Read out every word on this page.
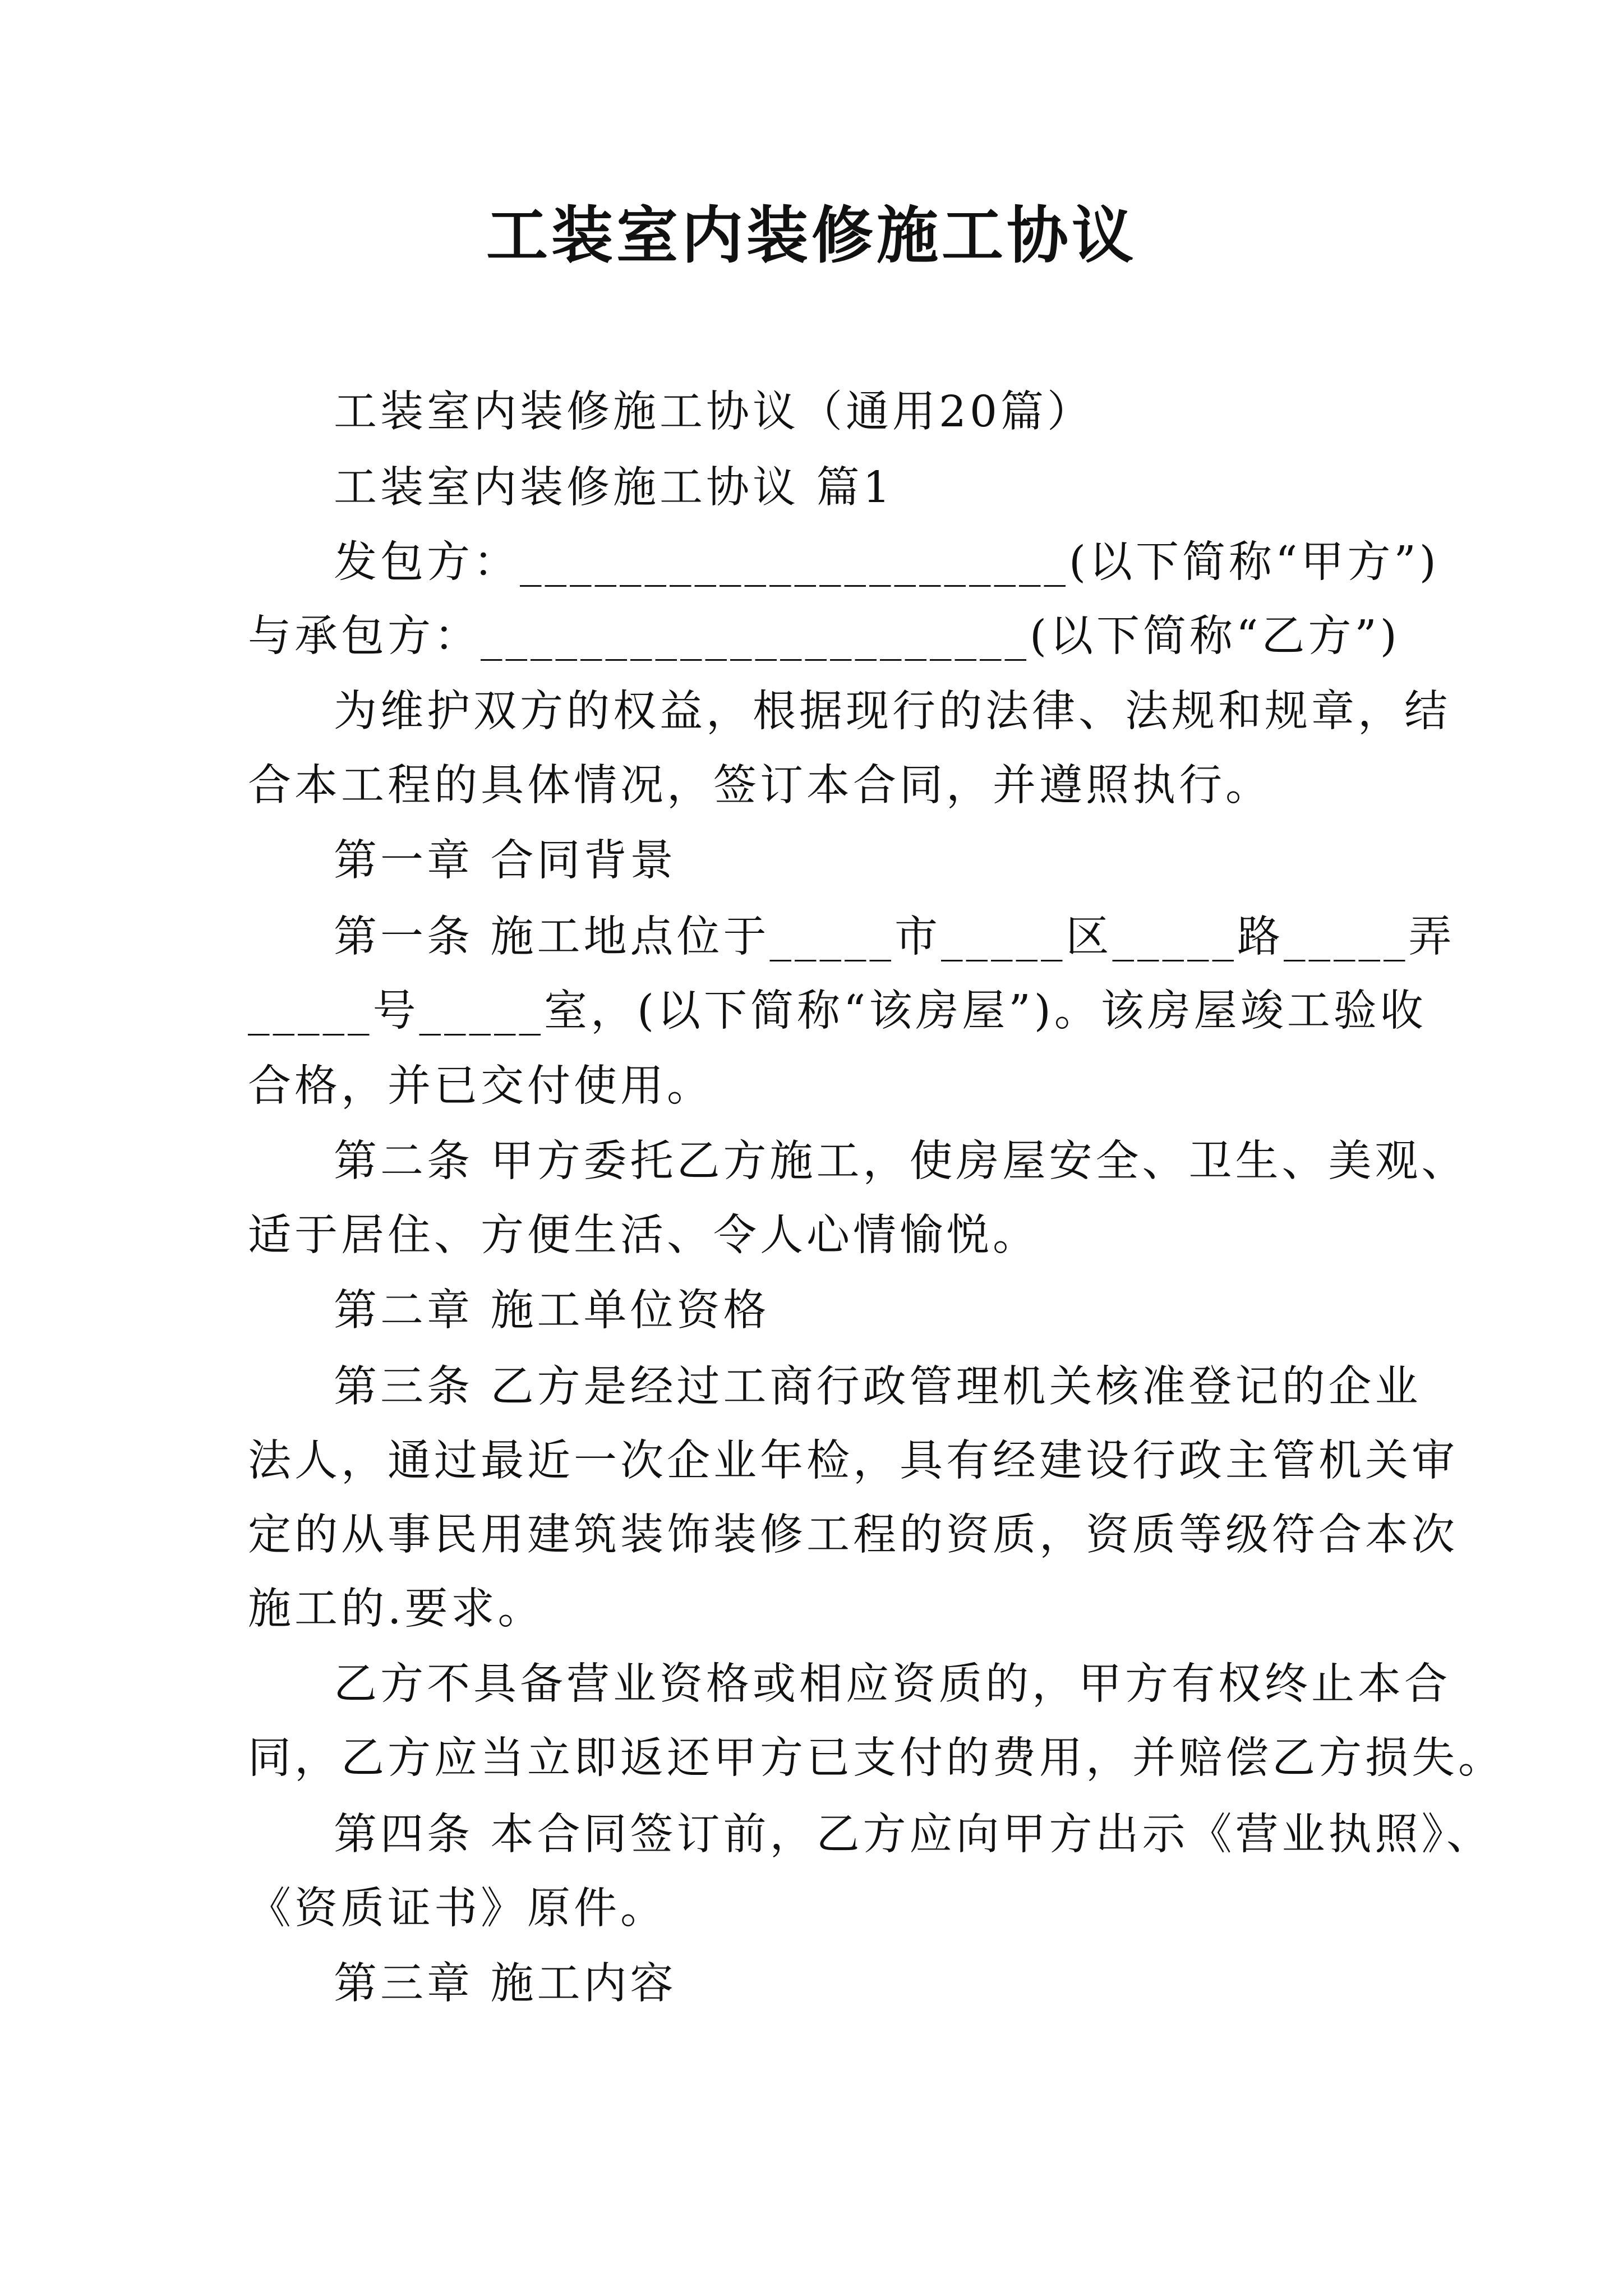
工装室内装修施工协议
工装室内装修施工协议（通用20篇）
工装室内装修施工协议 篇1
发包方：______________________(以下简称“甲方”)
与承包方：______________________(以下简称“乙方”)
为维护双方的权益，根据现行的法律、法规和规章，结
合本工程的具体情况，签订本合同，并遵照执行。
第一章 合同背景
第一条 施工地点位于_____市_____区_____路_____弄
_____号_____室，(以下简称“该房屋”)。该房屋竣工验收
合格，并已交付使用。
第二条 甲方委托乙方施工，使房屋安全、卫生、美观、
适于居住、方便生活、令人心情愉悦。
第二章 施工单位资格
第三条 乙方是经过工商行政管理机关核准登记的企业
法人，通过最近一次企业年检，具有经建设行政主管机关审
定的从事民用建筑装饰装修工程的资质，资质等级符合本次
施工的.要求。
乙方不具备营业资格或相应资质的，甲方有权终止本合
同，乙方应当立即返还甲方已支付的费用，并赔偿乙方损失。
第四条 本合同签订前，乙方应向甲方出示《营业执照》、
《资质证书》原件。
第三章 施工内容
